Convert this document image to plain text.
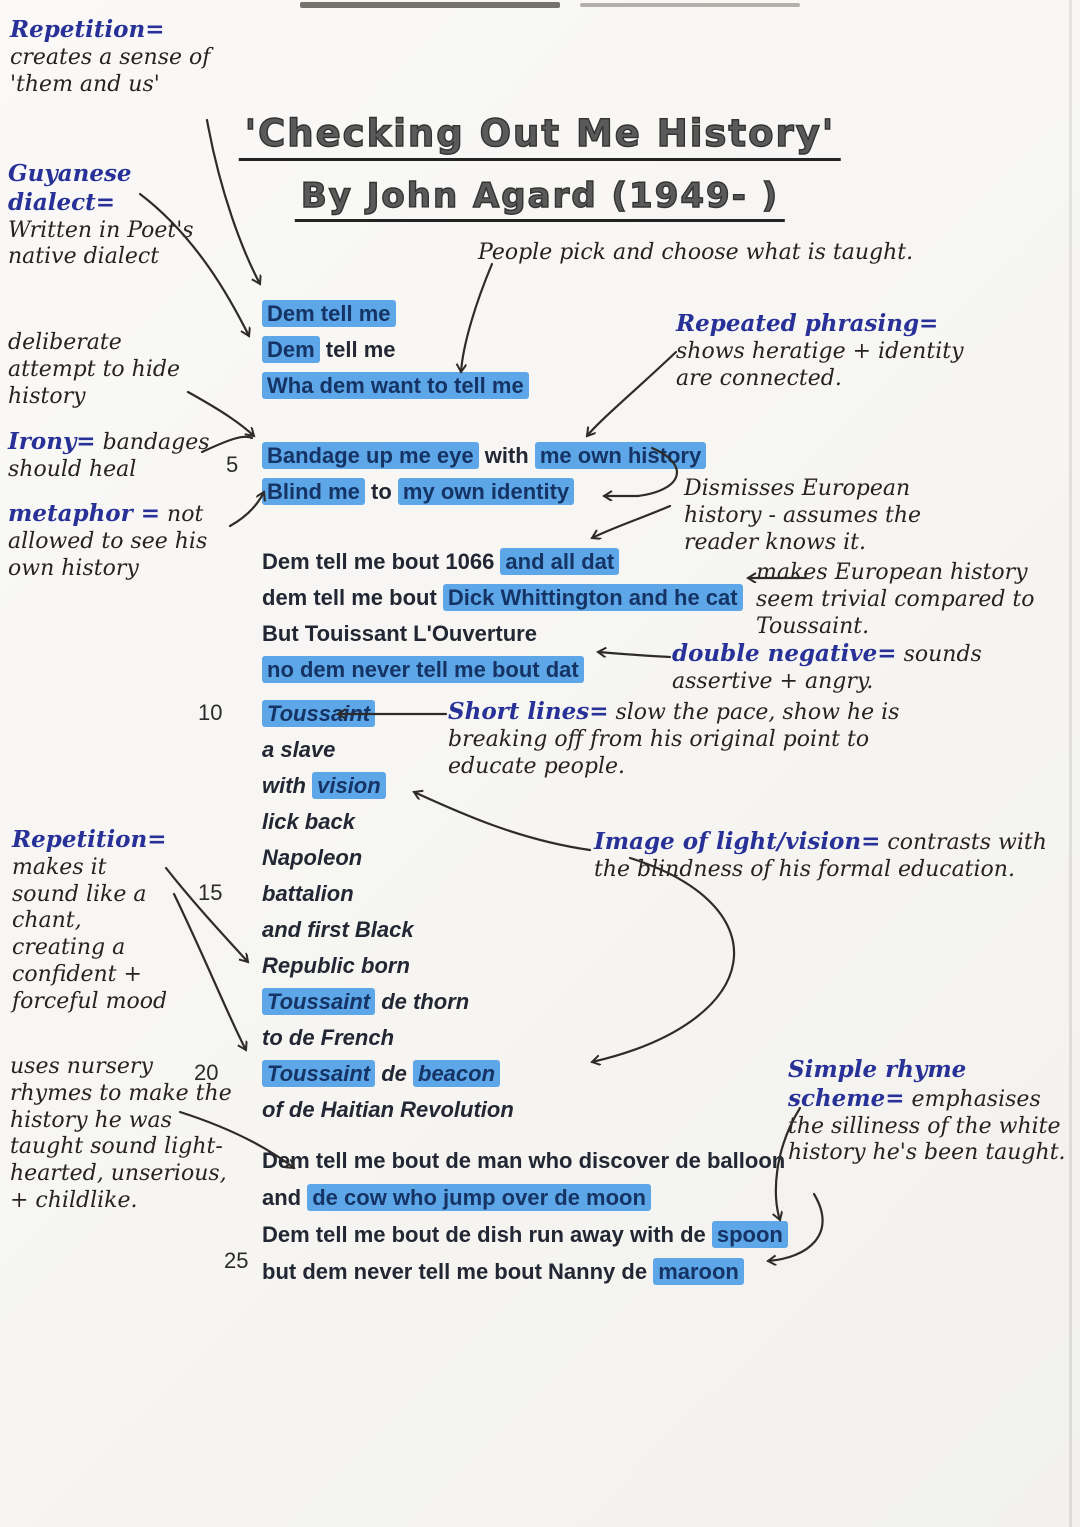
'Checking Out Me History'
By John Agard (1949- )
Repetition= creates a sense of 'them and us'
Guyanese dialect= Written in Poet's native dialect
deliberate attempt to hide history
Irony= bandages should heal
metaphor = not allowed to see his own history
Repetition= makes it sound like a chant, creating a confident + forceful mood
uses nursery rhymes to make the history he was taught sound light-hearted, unserious, + childlike.
People pick and choose what is taught.
Repeated phrasing= shows heratige + identity are connected.
Dismisses European history - assumes the reader knows it.
makes European history seem trivial compared to Toussaint.
double negative= sounds assertive + angry.
Short lines= slow the pace, show he is breaking off from his original point to educate people.
Image of light/vision= contrasts with the blindness of his formal education.
Simple rhyme scheme= emphasises the silliness of the white history he's been taught.
5
10
15
20
25
Dem tell me
Dem tell me
Wha dem want to tell me
Bandage up me eye with me own history
Blind me to my own identity
Dem tell me bout 1066 and all dat
dem tell me bout Dick Whittington and he cat
But Touissant L'Ouverture
no dem never tell me bout dat
Toussaint
a slave
with vision
lick back
Napoleon
battalion
and first Black
Republic born
Toussaint de thorn
to de French
Toussaint de beacon
of de Haitian Revolution
Dem tell me bout de man who discover de balloon
and de cow who jump over de moon
Dem tell me bout de dish run away with de spoon
but dem never tell me bout Nanny de maroon
